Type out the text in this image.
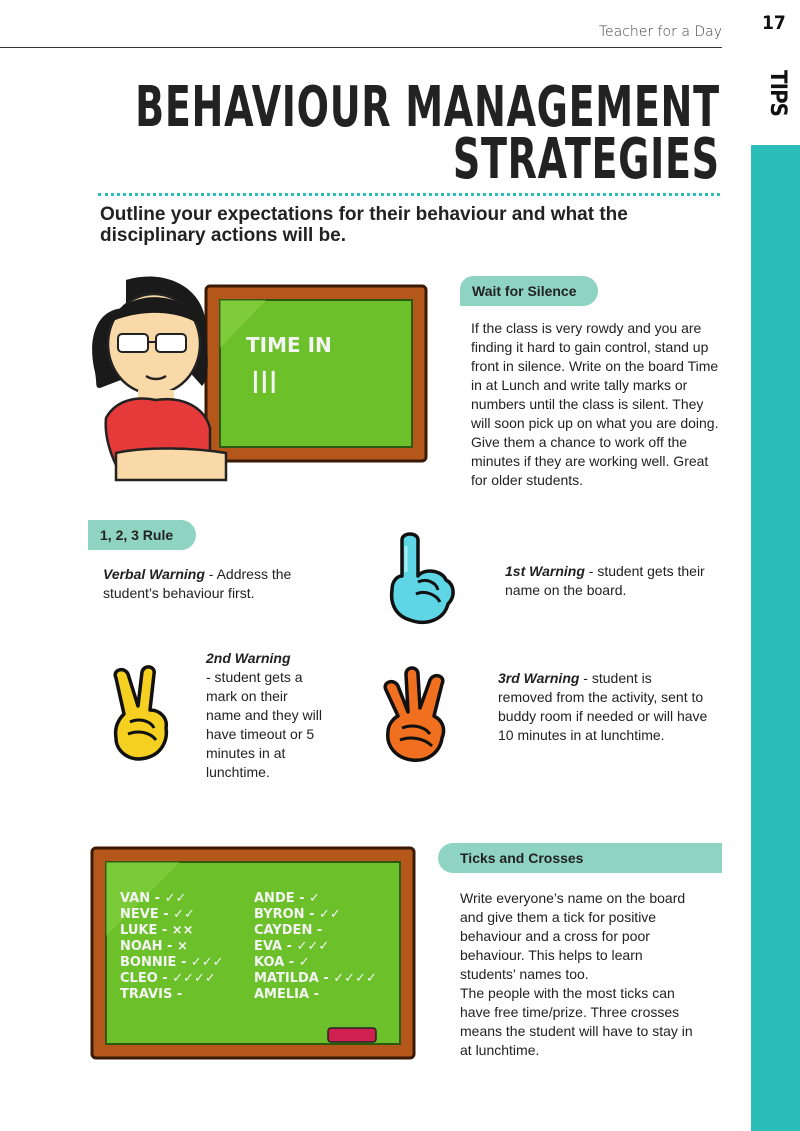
Teacher for a Day 17
TIPS
BEHAVIOUR MANAGEMENT
STRATEGIES
Outline your expectations for their behaviour and what the disciplinary actions will be.
TIME IN
III
Wait for Silence
If the class is very rowdy and you are finding it hard to gain control, stand up front in silence. Write on the board Time in at Lunch and write tally marks or numbers until the class is silent. They will soon pick up on what you are doing. Give them a chance to work off the minutes if they are working well. Great for older students.
1, 2, 3 Rule
Verbal Warning - Address the student’s behaviour first.
1st Warning - student gets their name on the board.
2nd Warning
- student gets a mark on their name and they will have timeout or 5 minutes in at lunchtime.
3rd Warning - student is removed from the activity, sent to buddy room if needed or will have 10 minutes in at lunchtime.
VAN - ✓✓
NEVE - ✓✓
LUKE - ××
NOAH - ×
BONNIE - ✓✓✓
CLEO - ✓✓✓✓
TRAVIS -
ANDE - ✓
BYRON - ✓✓
CAYDEN -
EVA - ✓✓✓
KOA - ✓
MATILDA - ✓✓✓✓
AMELIA -
Ticks and Crosses
Write everyone’s name on the board and give them a tick for positive behaviour and a cross for poor behaviour. This helps to learn students’ names too.
The people with the most ticks can have free time/prize. Three crosses means the student will have to stay in at lunchtime.
